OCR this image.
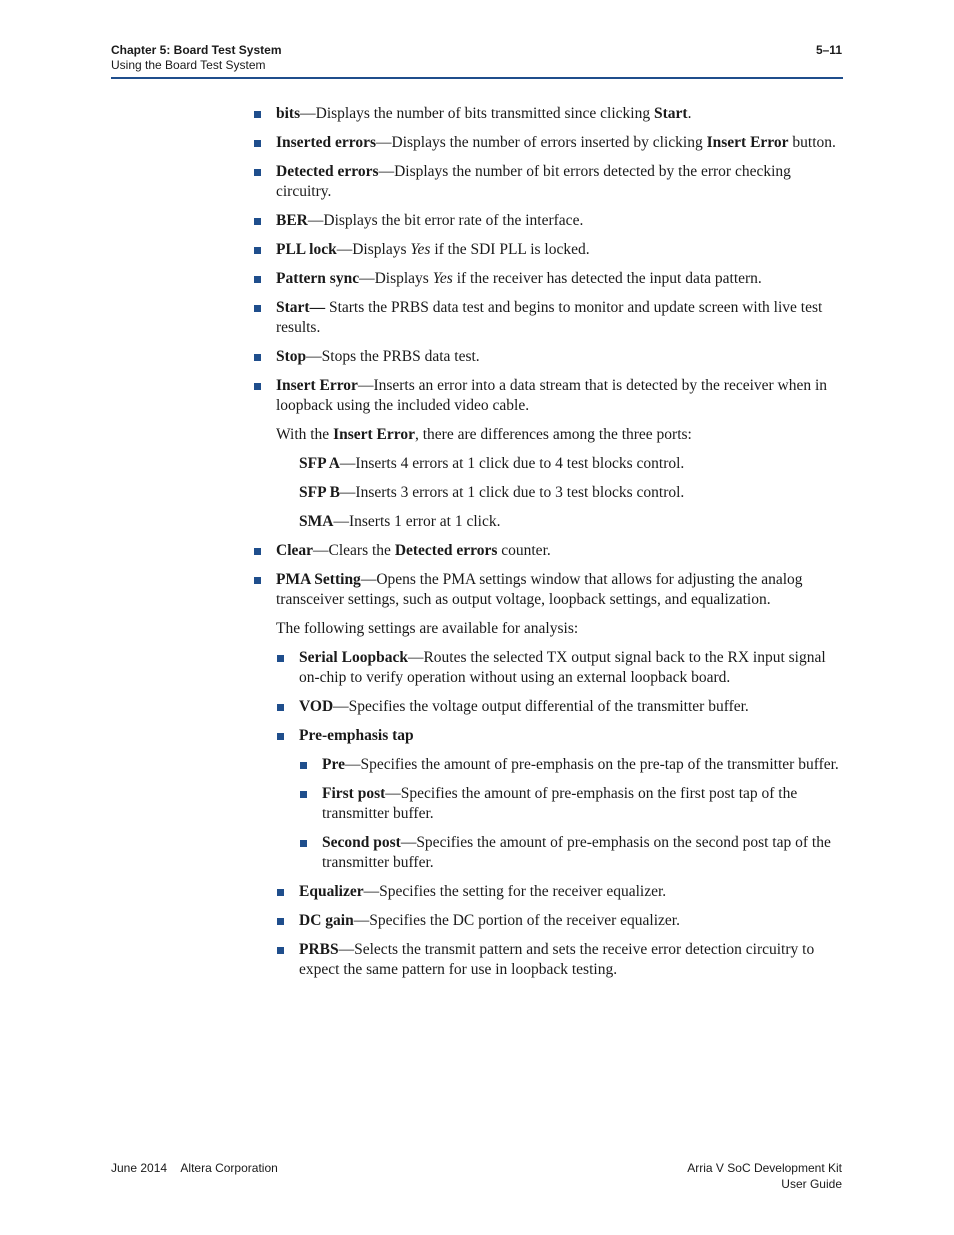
Chapter 5: Board Test System
Using the Board Test System
5–11
bits—Displays the number of bits transmitted since clicking Start.
Inserted errors—Displays the number of errors inserted by clicking Insert Error button.
Detected errors—Displays the number of bit errors detected by the error checking circuitry.
BER—Displays the bit error rate of the interface.
PLL lock—Displays Yes if the SDI PLL is locked.
Pattern sync—Displays Yes if the receiver has detected the input data pattern.
Start— Starts the PRBS data test and begins to monitor and update screen with live test results.
Stop—Stops the PRBS data test.
Insert Error—Inserts an error into a data stream that is detected by the receiver when in loopback using the included video cable.
With the Insert Error, there are differences among the three ports:
SFP A—Inserts 4 errors at 1 click due to 4 test blocks control.
SFP B—Inserts 3 errors at 1 click due to 3 test blocks control.
SMA—Inserts 1 error at 1 click.
Clear—Clears the Detected errors counter.
PMA Setting—Opens the PMA settings window that allows for adjusting the analog transceiver settings, such as output voltage, loopback settings, and equalization.
The following settings are available for analysis:
Serial Loopback—Routes the selected TX output signal back to the RX input signal on-chip to verify operation without using an external loopback board.
VOD—Specifies the voltage output differential of the transmitter buffer.
Pre-emphasis tap
Pre—Specifies the amount of pre-emphasis on the pre-tap of the transmitter buffer.
First post—Specifies the amount of pre-emphasis on the first post tap of the transmitter buffer.
Second post—Specifies the amount of pre-emphasis on the second post tap of the transmitter buffer.
Equalizer—Specifies the setting for the receiver equalizer.
DC gain—Specifies the DC portion of the receiver equalizer.
PRBS—Selects the transmit pattern and sets the receive error detection circuitry to expect the same pattern for use in loopback testing.
June 2014 Altera Corporation	Arria V SoC Development Kit
User Guide
